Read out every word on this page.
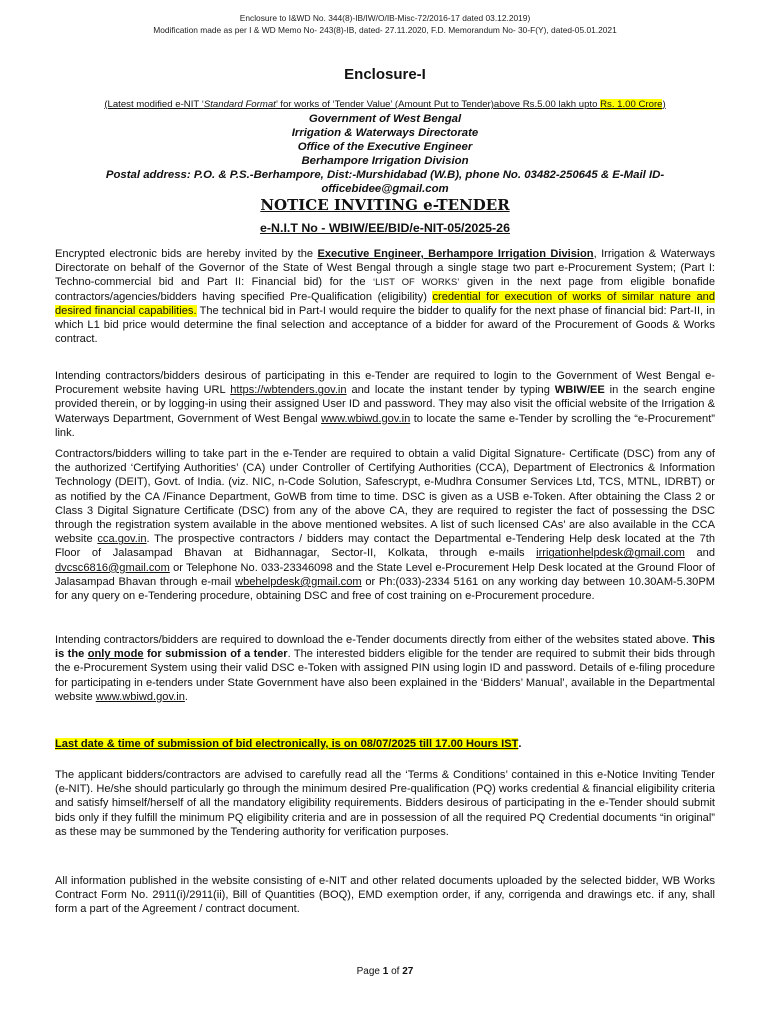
Enclosure to I&WD No. 344(8)-IB/IW/O/IB-Misc-72/2016-17 dated 03.12.2019)
Modification made as per I & WD Memo No- 243(8)-IB, dated- 27.11.2020, F.D. Memorandum No- 30-F(Y), dated-05.01.2021
Enclosure-I
(Latest modified e-NIT ‘Standard Format’ for works of ‘Tender Value’ (Amount Put to Tender)above Rs.5.00 lakh upto Rs. 1.00 Crore)
Government of West Bengal
Irrigation & Waterways Directorate
Office of the Executive Engineer
Berhampore Irrigation Division
Postal address: P.O. & P.S.-Berhampore, Dist:-Murshidabad (W.B), phone No. 03482-250645 & E-Mail ID-
officebidee@gmail.com
NOTICE INVITING e-TENDER
e-N.I.T No - WBIW/EE/BID/e-NIT-05/2025-26
Encrypted electronic bids are hereby invited by the Executive Engineer, Berhampore Irrigation Division, Irrigation & Waterways Directorate on behalf of the Governor of the State of West Bengal through a single stage two part e-Procurement System; (Part I: Techno-commercial bid and Part II: Financial bid) for the ‘LIST OF WORKS’ given in the next page from eligible bonafide contractors/agencies/bidders having specified Pre-Qualification (eligibility) credential for execution of works of similar nature and desired financial capabilities. The technical bid in Part-I would require the bidder to qualify for the next phase of financial bid: Part-II, in which L1 bid price would determine the final selection and acceptance of a bidder for award of the Procurement of Goods & Works contract.
Intending contractors/bidders desirous of participating in this e-Tender are required to login to the Government of West Bengal e-Procurement website having URL https://wbtenders.gov.in and locate the instant tender by typing WBIW/EE in the search engine provided therein, or by logging-in using their assigned User ID and password. They may also visit the official website of the Irrigation & Waterways Department, Government of West Bengal www.wbiwd.gov.in to locate the same e-Tender by scrolling the “e-Procurement” link.
Contractors/bidders willing to take part in the e-Tender are required to obtain a valid Digital Signature- Certificate (DSC) from any of the authorized ‘Certifying Authorities’ (CA) under Controller of Certifying Authorities (CCA), Department of Electronics & Information Technology (DEIT), Govt. of India. (viz. NIC, n-Code Solution, Safescrypt, e-Mudhra Consumer Services Ltd, TCS, MTNL, IDRBT) or as notified by the CA /Finance Department, GoWB from time to time. DSC is given as a USB e-Token. After obtaining the Class 2 or Class 3 Digital Signature Certificate (DSC) from any of the above CA, they are required to register the fact of possessing the DSC through the registration system available in the above mentioned websites. A list of such licensed CAs’ are also available in the CCA website cca.gov.in. The prospective contractors / bidders may contact the Departmental e-Tendering Help desk located at the 7th Floor of Jalasampad Bhavan at Bidhannagar, Sector-II, Kolkata, through e-mails irrigationhelpdesk@gmail.com and dvcsc6816@gmail.com or Telephone No. 033-23346098 and the State Level e-Procurement Help Desk located at the Ground Floor of Jalasampad Bhavan through e-mail wbehelpdesk@gmail.com or Ph:(033)-2334 5161 on any working day between 10.30AM-5.30PM for any query on e-Tendering procedure, obtaining DSC and free of cost training on e-Procurement procedure.
Intending contractors/bidders are required to download the e-Tender documents directly from either of the websites stated above. This is the only mode for submission of a tender. The interested bidders eligible for the tender are required to submit their bids through the e-Procurement System using their valid DSC e-Token with assigned PIN using login ID and password. Details of e-filing procedure for participating in e-tenders under State Government have also been explained in the ‘Bidders’ Manual’, available in the Departmental website www.wbiwd.gov.in.
Last date & time of submission of bid electronically, is on 08/07/2025 till 17.00 Hours IST.
The applicant bidders/contractors are advised to carefully read all the ‘Terms & Conditions’ contained in this e-Notice Inviting Tender (e-NIT). He/she should particularly go through the minimum desired Pre-qualification (PQ) works credential & financial eligibility criteria and satisfy himself/herself of all the mandatory eligibility requirements. Bidders desirous of participating in the e-Tender should submit bids only if they fulfill the minimum PQ eligibility criteria and are in possession of all the required PQ Credential documents “in original” as these may be summoned by the Tendering authority for verification purposes.
All information published in the website consisting of e-NIT and other related documents uploaded by the selected bidder, WB Works Contract Form No. 2911(i)/2911(ii), Bill of Quantities (BOQ), EMD exemption order, if any, corrigenda and drawings etc. if any, shall form a part of the Agreement / contract document.
Page 1 of 27
